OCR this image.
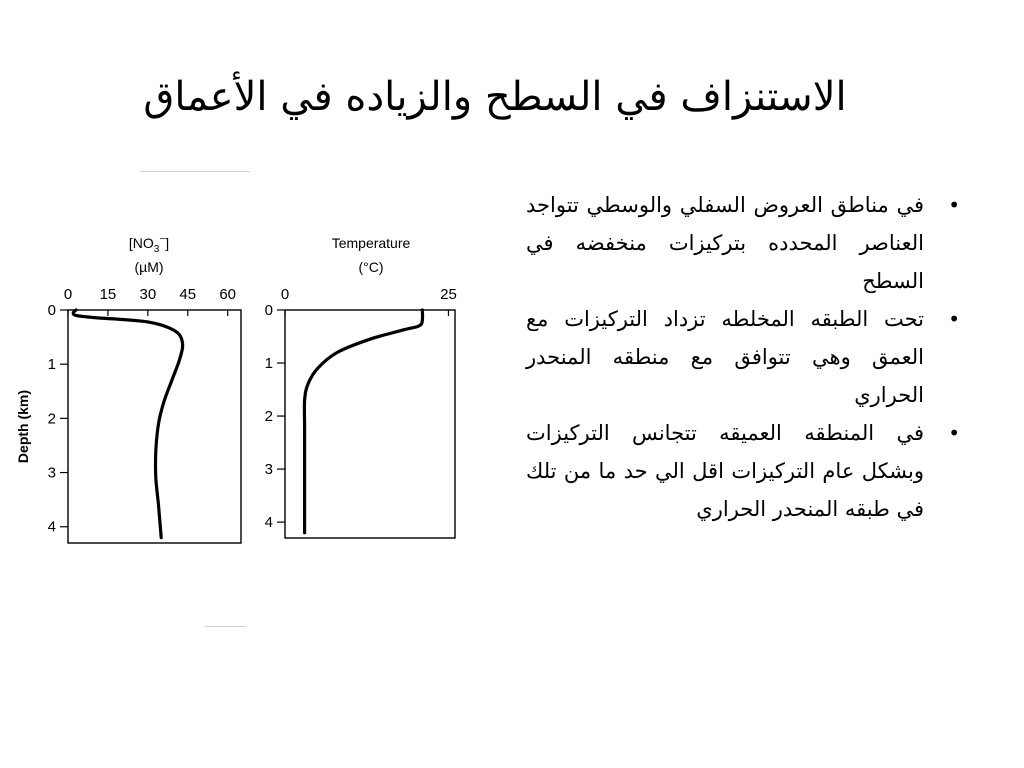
الاستنزاف في السطح والزياده في الأعماق
$[NO_3^-]$
(µM)
0 15 30 45 60
0
1
2
3
4
Depth (km)
Temperature
(°C)
0	25
0
1
2
3
4
•
في مناطق العروض السفلي والوسطي تتواجد العناصر المحدده بتركيزات منخفضه في السطح
•
تحت الطبقه المخلطه تزداد التركيزات مع العمق وهي تتوافق مع منطقه المنحدر الحراري
•
في المنطقه العميقه تتجانس التركيزات وبشكل عام التركيزات اقل الي حد ما من تلك في طبقه المنحدر الحراري
